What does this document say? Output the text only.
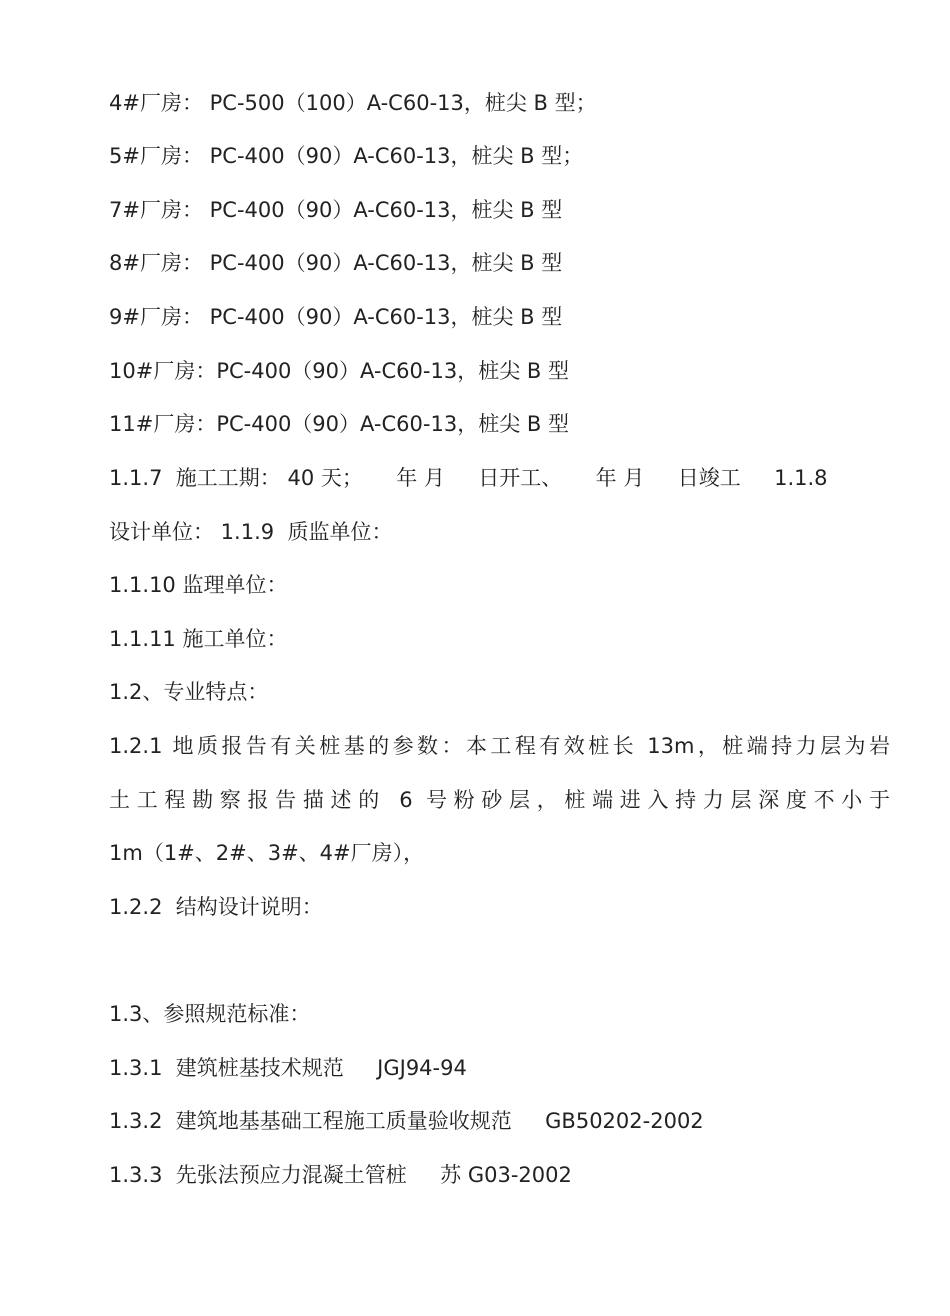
4#厂房： PC-500（100）A-C60-13，桩尖 B 型；
5#厂房： PC-400（90）A-C60-13，桩尖 B 型；
7#厂房： PC-400（90）A-C60-13，桩尖 B 型
8#厂房： PC-400（90）A-C60-13，桩尖 B 型
9#厂房： PC-400（90）A-C60-13，桩尖 B 型
10#厂房：PC-400（90）A-C60-13，桩尖 B 型
11#厂房：PC-400（90）A-C60-13，桩尖 B 型
1.1.7  施工工期： 40 天；     年 月     日开工、     年 月     日竣工     1.1.8
设计单位： 1.1.9  质监单位：
1.1.10 监理单位：
1.1.11 施工单位：
1.2、专业特点：
1.2.1 地质报告有关桩基的参数：本工程有效桩长 13m，桩端持力层为岩
土工程勘察报告描述的 6 号粉砂层，桩端进入持力层深度不小于
1m（1#、2#、3#、4#厂房），
1.2.2  结构设计说明：
1.3、参照规范标准：
1.3.1  建筑桩基技术规范     JGJ94-94
1.3.2  建筑地基基础工程施工质量验收规范     GB50202-2002
1.3.3  先张法预应力混凝土管桩     苏 G03-2002
